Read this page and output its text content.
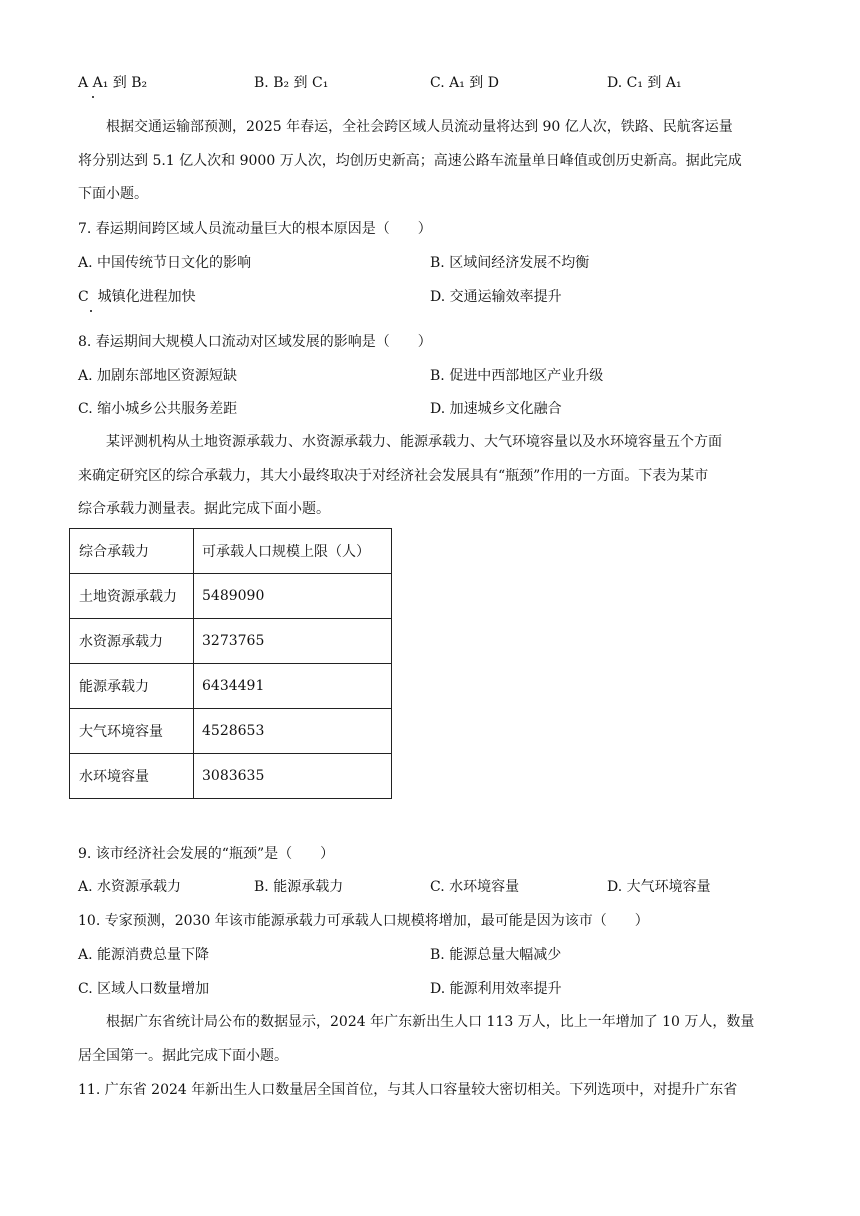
A A₁ 到 B₂	B. B₂ 到 C₁	C. A₁ 到 D	D. C₁ 到 A₁
根据交通运输部预测，2025 年春运，全社会跨区域人员流动量将达到 90 亿人次，铁路、民航客运量
将分别达到 5.1 亿人次和 9000 万人次，均创历史新高；高速公路车流量单日峰值或创历史新高。据此完成
下面小题。
7. 春运期间跨区域人员流动量巨大的根本原因是（　　）
A. 中国传统节日文化的影响	B. 区域间经济发展不均衡
C 城镇化进程加快	D. 交通运输效率提升
8. 春运期间大规模人口流动对区域发展的影响是（　　）
A. 加剧东部地区资源短缺	B. 促进中西部地区产业升级
C. 缩小城乡公共服务差距	D. 加速城乡文化融合
某评测机构从土地资源承载力、水资源承载力、能源承载力、大气环境容量以及水环境容量五个方面
来确定研究区的综合承载力，其大小最终取决于对经济社会发展具有“瓶颈”作用的一方面。下表为某市
综合承载力测量表。据此完成下面小题。
综合承载力	可承载人口规模上限（人）
土地资源承载力	5489090
水资源承载力	3273765
能源承载力	6434491
大气环境容量	4528653
水环境容量	3083635
9. 该市经济社会发展的“瓶颈”是（　　）
A. 水资源承载力	B. 能源承载力	C. 水环境容量	D. 大气环境容量
10. 专家预测，2030 年该市能源承载力可承载人口规模将增加，最可能是因为该市（　　）
A. 能源消费总量下降	B. 能源总量大幅减少
C. 区域人口数量增加	D. 能源利用效率提升
根据广东省统计局公布的数据显示，2024 年广东新出生人口 113 万人，比上一年增加了 10 万人，数量
居全国第一。据此完成下面小题。
11. 广东省 2024 年新出生人口数量居全国首位，与其人口容量较大密切相关。下列选项中，对提升广东省
